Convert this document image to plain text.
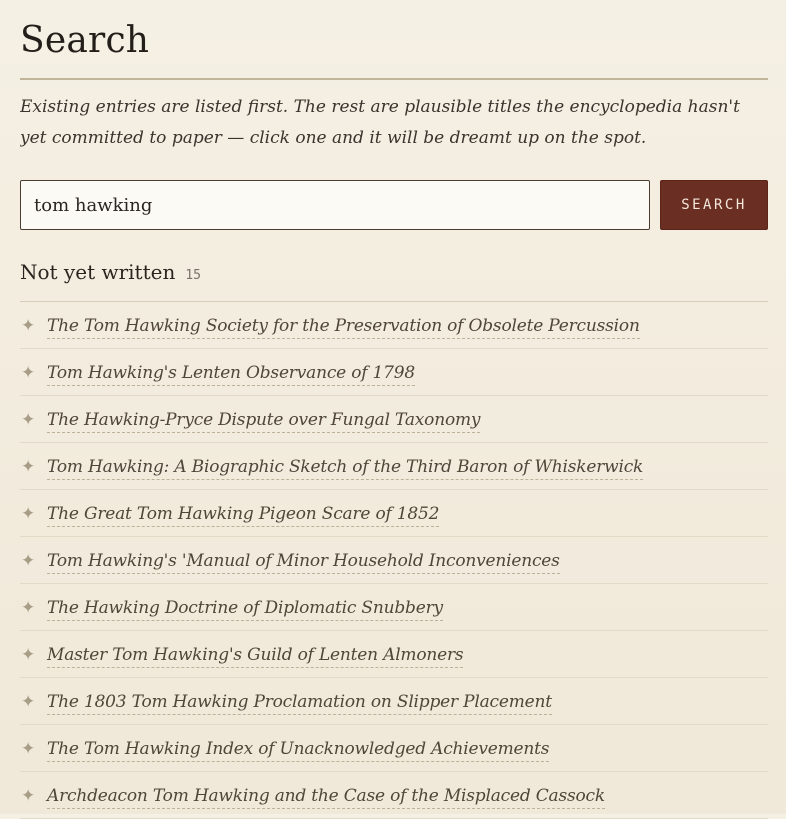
Search

Existing entries are listed first. The rest are plausible titles the encyclopedia hasn't yet committed to paper — click one and it will be dreamt up on the spot.

tom hawking
SEARCH
Not yet written 15
✦ The Tom Hawking Society for the Preservation of Obsolete Percussion
✦ Tom Hawking's Lenten Observance of 1798
✦ The Hawking-Pryce Dispute over Fungal Taxonomy
✦ Tom Hawking: A Biographic Sketch of the Third Baron of Whiskerwick
✦ The Great Tom Hawking Pigeon Scare of 1852
✦ Tom Hawking's 'Manual of Minor Household Inconveniences
✦ The Hawking Doctrine of Diplomatic Snubbery
✦ Master Tom Hawking's Guild of Lenten Almoners
✦ The 1803 Tom Hawking Proclamation on Slipper Placement
✦ The Tom Hawking Index of Unacknowledged Achievements
✦ Archdeacon Tom Hawking and the Case of the Misplaced Cassock
